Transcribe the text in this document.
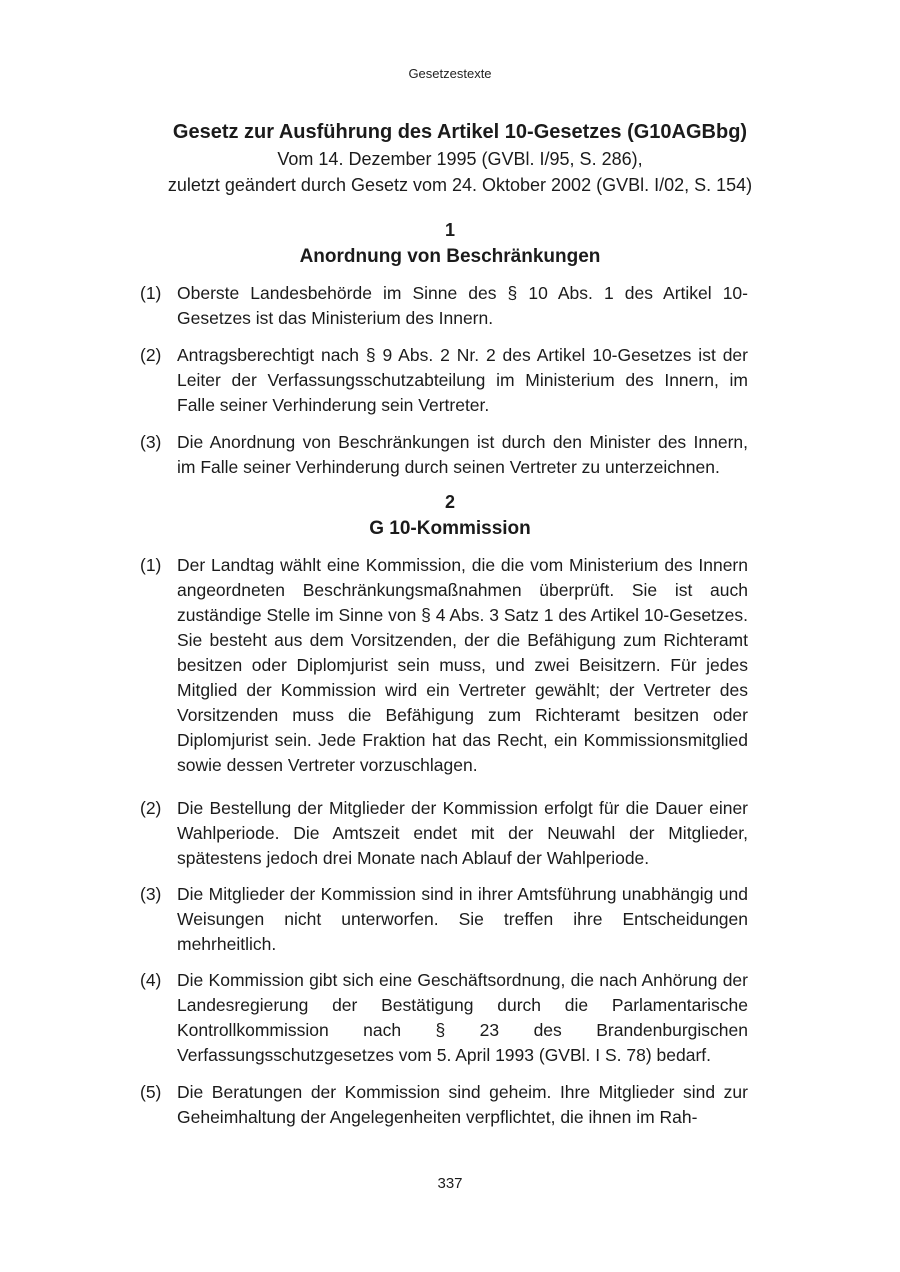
Gesetzestexte
Gesetz zur Ausführung des Artikel 10-Gesetzes (G10AGBbg)
Vom 14. Dezember 1995 (GVBl. I/95, S. 286),
zuletzt geändert durch Gesetz vom 24. Oktober 2002 (GVBl. I/02, S. 154)
1
Anordnung von Beschränkungen
(1) Oberste Landesbehörde im Sinne des § 10 Abs. 1 des Artikel 10-Gesetzes ist das Ministerium des Innern.
(2) Antragsberechtigt nach § 9 Abs. 2 Nr. 2 des Artikel 10-Gesetzes ist der Leiter der Verfassungsschutzabteilung im Ministerium des Innern, im Falle seiner Verhinderung sein Vertreter.
(3) Die Anordnung von Beschränkungen ist durch den Minister des Innern, im Falle seiner Verhinderung durch seinen Vertreter zu unterzeichnen.
2
G 10-Kommission
(1) Der Landtag wählt eine Kommission, die die vom Ministerium des Innern angeordneten Beschränkungsmaßnahmen überprüft. Sie ist auch zuständige Stelle im Sinne von § 4 Abs. 3 Satz 1 des Artikel 10-Gesetzes. Sie besteht aus dem Vorsitzenden, der die Befähigung zum Richteramt besitzen oder Diplomjurist sein muss, und zwei Beisitzern. Für jedes Mitglied der Kommission wird ein Vertreter gewählt; der Vertreter des Vorsitzenden muss die Befähigung zum Richteramt besitzen oder Diplomjurist sein. Jede Fraktion hat das Recht, ein Kommissionsmitglied sowie dessen Vertreter vorzuschlagen.
(2) Die Bestellung der Mitglieder der Kommission erfolgt für die Dauer einer Wahlperiode. Die Amtszeit endet mit der Neuwahl der Mitglieder, spätestens jedoch drei Monate nach Ablauf der Wahlperiode.
(3) Die Mitglieder der Kommission sind in ihrer Amtsführung unabhängig und Weisungen nicht unterworfen. Sie treffen ihre Entscheidungen mehrheitlich.
(4) Die Kommission gibt sich eine Geschäftsordnung, die nach Anhörung der Landesregierung der Bestätigung durch die Parlamentarische Kontrollkommission nach § 23 des Brandenburgischen Verfassungsschutzgesetzes vom 5. April 1993 (GVBl. I S. 78) bedarf.
(5) Die Beratungen der Kommission sind geheim. Ihre Mitglieder sind zur Geheimhaltung der Angelegenheiten verpflichtet, die ihnen im Rah-
337
